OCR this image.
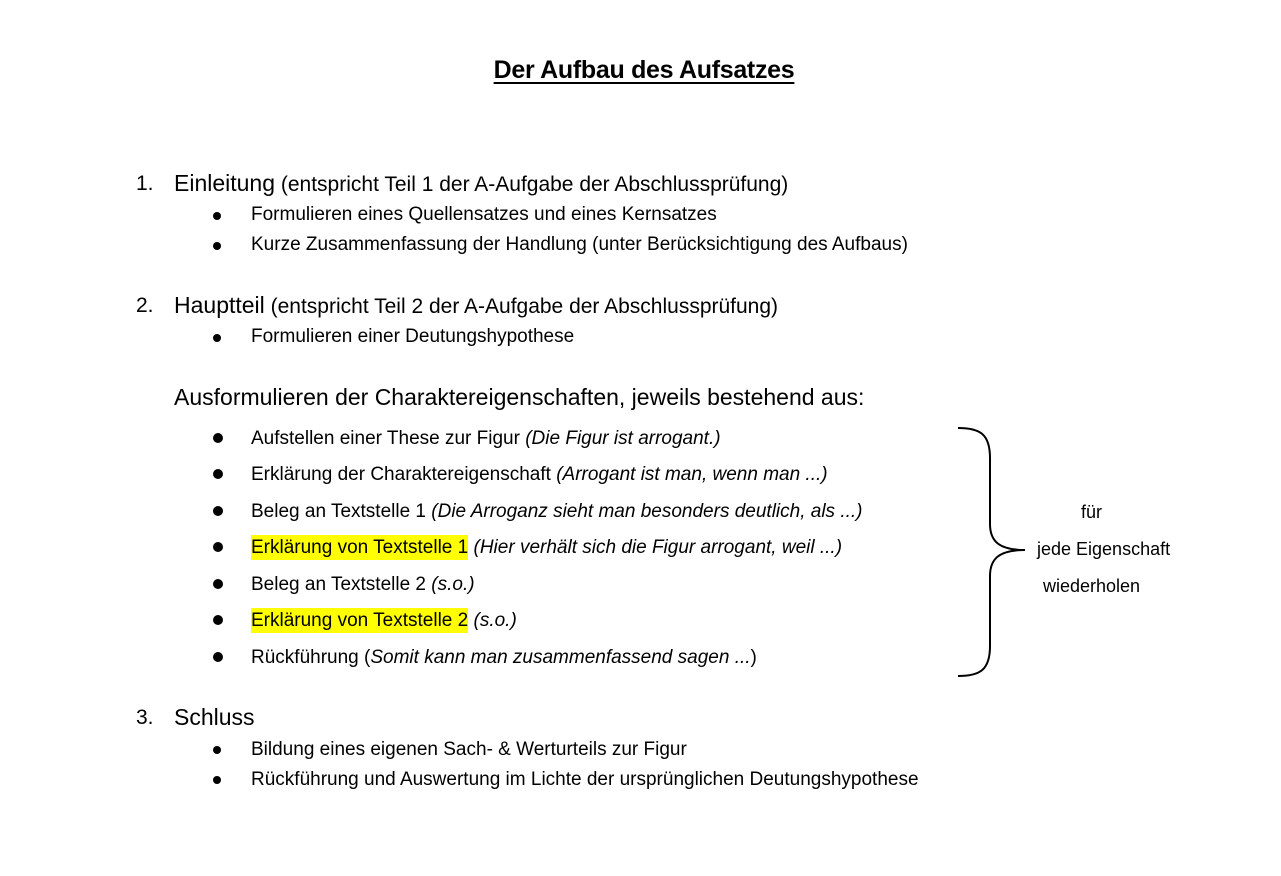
Der Aufbau des Aufsatzes
1. Einleitung (entspricht Teil 1 der A-Aufgabe der Abschlussprüfung)
Formulieren eines Quellensatzes und eines Kernsatzes
Kurze Zusammenfassung der Handlung (unter Berücksichtigung des Aufbaus)
2. Hauptteil (entspricht Teil 2 der A-Aufgabe der Abschlussprüfung)
Formulieren einer Deutungshypothese
Ausformulieren der Charaktereigenschaften, jeweils bestehend aus:
Aufstellen einer These zur Figur (Die Figur ist arrogant.)
Erklärung der Charaktereigenschaft (Arrogant ist man, wenn man ...)
Beleg an Textstelle 1 (Die Arroganz sieht man besonders deutlich, als ...)
Erklärung von Textstelle 1 (Hier verhält sich die Figur arrogant, weil ...)
Beleg an Textstelle 2 (s.o.)
Erklärung von Textstelle 2 (s.o.)
Rückführung (Somit kann man zusammenfassend sagen ...)
für
jede Eigenschaft
wiederholen
3. Schluss
Bildung eines eigenen Sach- & Werturteils zur Figur
Rückführung und Auswertung im Lichte der ursprünglichen Deutungshypothese
